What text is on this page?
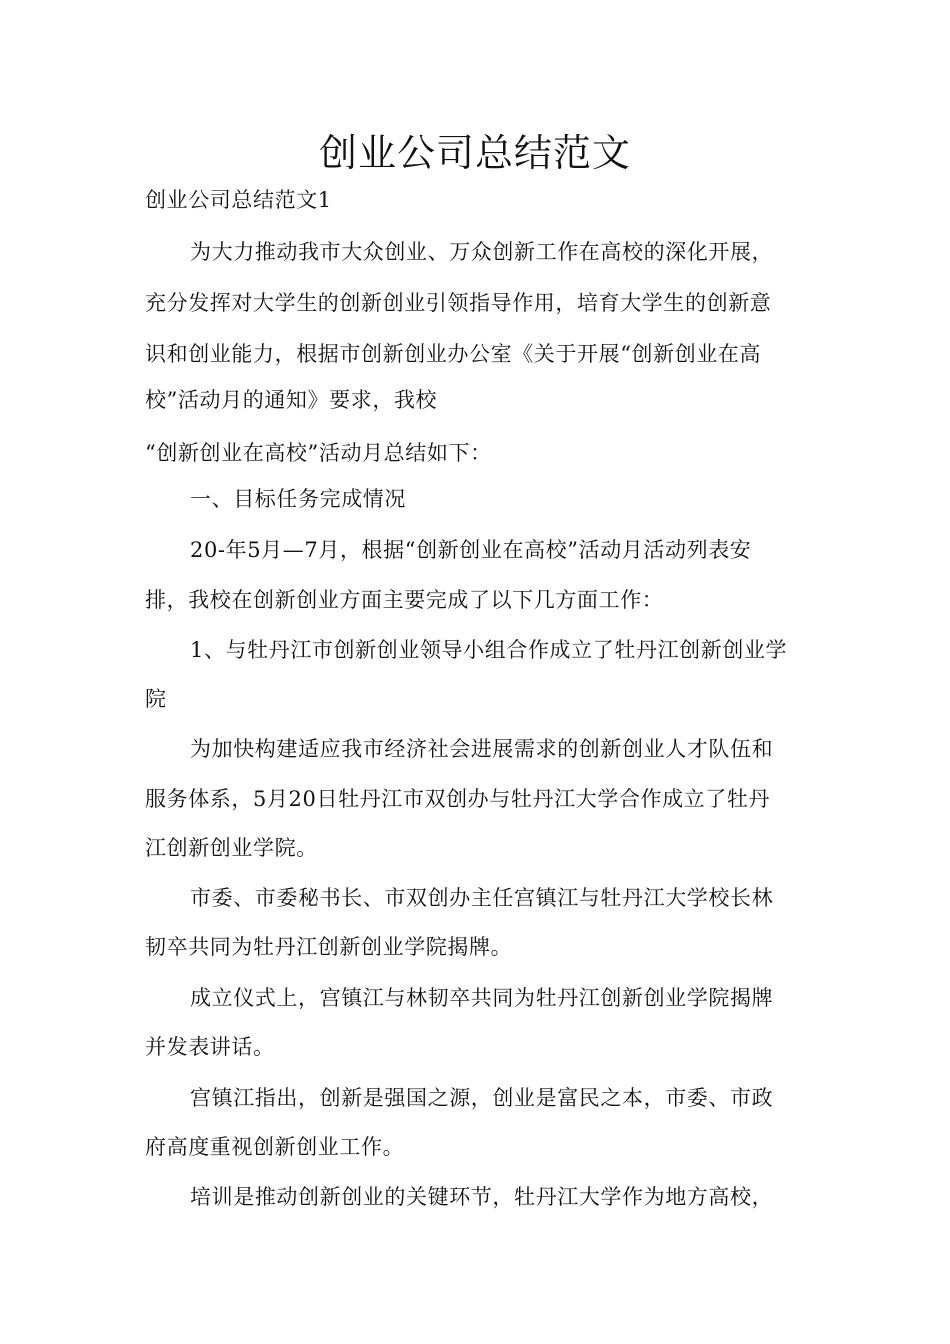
创业公司总结范文

创业公司总结范文1

为大力推动我市大众创业、万众创新工作在高校的深化开展，

充分发挥对大学生的创新创业引领指导作用，培育大学生的创新意

识和创业能力，根据市创新创业办公室《关于开展“创新创业在高

校”活动月的通知》要求，我校

“创新创业在高校”活动月总结如下：

一、目标任务完成情况

20-年5月—7月，根据“创新创业在高校”活动月活动列表安

排，我校在创新创业方面主要完成了以下几方面工作：

1、与牡丹江市创新创业领导小组合作成立了牡丹江创新创业学

院

为加快构建适应我市经济社会进展需求的创新创业人才队伍和

服务体系，5月20日牡丹江市双创办与牡丹江大学合作成立了牡丹

江创新创业学院。

市委、市委秘书长、市双创办主任宫镇江与牡丹江大学校长林

韧卒共同为牡丹江创新创业学院揭牌。

成立仪式上，宫镇江与林韧卒共同为牡丹江创新创业学院揭牌

并发表讲话。

宫镇江指出，创新是强国之源，创业是富民之本，市委、市政

府高度重视创新创业工作。

培训是推动创新创业的关键环节，牡丹江大学作为地方高校，
